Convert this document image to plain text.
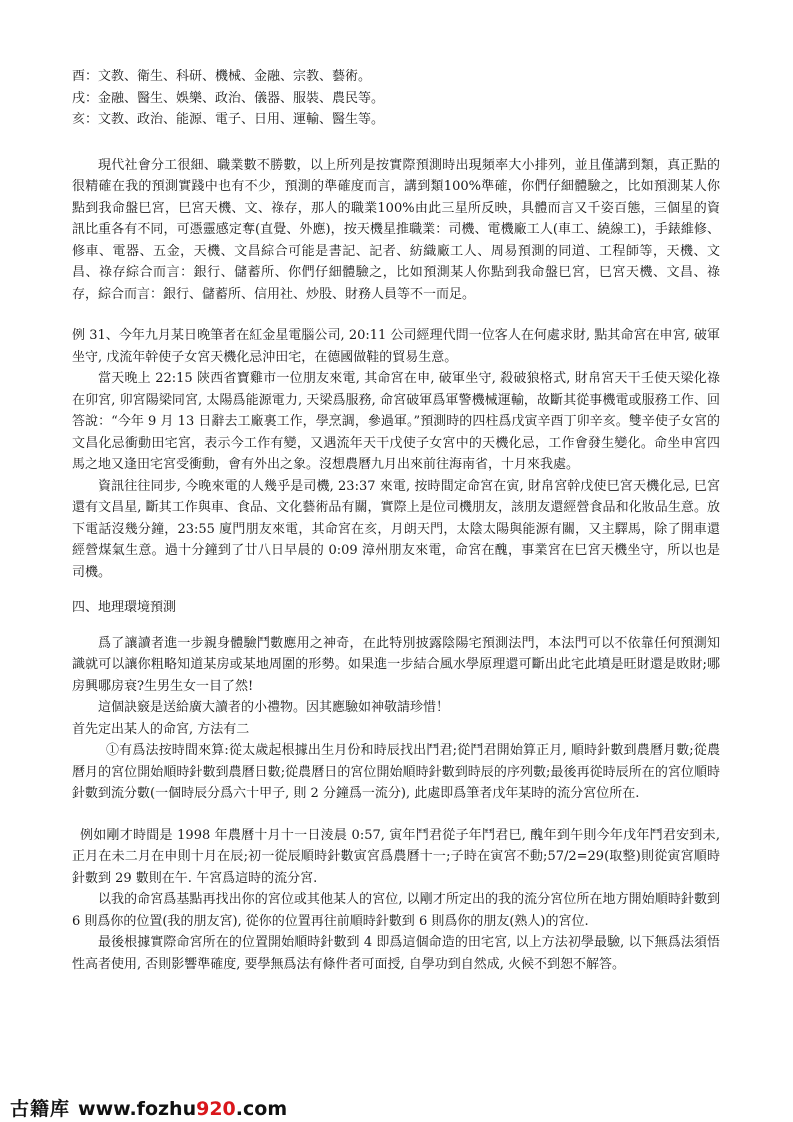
酉：文教、衛生、科研、機械、金融、宗教、藝術。

戌：金融、醫生、娛樂、政治、儀器、服裝、農民等。

亥：文教、政治、能源、電子、日用、運輸、醫生等。

現代社會分工很細、職業數不勝數，以上所列是按實際預測時出現頻率大小排列，並且僅講到類，真正點的很精確在我的預測實踐中也有不少，預測的準確度而言，講到類100%準確，你們仔細體驗之，比如預測某人你點到我命盤巳宮，巳宮天機、文、祿存，那人的職業100%由此三星所反映，具體而言又千姿百態，三個星的資訊比重各有不同，可憑靈感定奪(直覺、外應)，按天機星推職業：司機、電機廠工人(車工、繞線工)，手錶維修、修車、電器、五金，天機、文昌綜合可能是書記、記者、紡織廠工人、周易預測的同道、工程師等，天機、文昌、祿存綜合而言：銀行、儲蓄所、你們仔細體驗之，比如預測某人你點到我命盤巳宮，巳宮天機、文昌、祿存，綜合而言：銀行、儲蓄所、信用社、炒股、財務人員等不一而足。

例 31、今年九月某日晚筆者在紅金星電腦公司, 20:11 公司經理代問一位客人在何處求財, 點其命宮在申宮, 破軍坐守, 戊流年幹使子女宮天機化忌沖田宅，在德國做鞋的貿易生意。

當天晚上 22:15 陝西省寶雞市一位朋友來電, 其命宮在申, 破軍坐守, 殺破狼格式, 財帛宮天干壬使天梁化祿在卯宮, 卯宮陽梁同宮, 太陽爲能源電力, 天梁爲服務, 命宮破軍爲軍警機械運輸，故斷其從事機電或服務工作、回答說：“今年 9 月 13 日辭去工廠裏工作，學烹調，參過軍。”預測時的四柱爲戊寅辛酉丁卯辛亥。雙辛使子女宮的文昌化忌衝動田宅宮，表示今工作有變，又遇流年天干戊使子女宮中的天機化忌，工作會發生變化。命坐申宮四馬之地又逢田宅宮受衝動，會有外出之象。沒想農曆九月出來前往海南省，十月來我處。

資訊往往同步, 今晚來電的人幾乎是司機, 23:37 來電, 按時間定命宮在寅, 財帛宮幹戊使巳宮天機化忌, 巳宮還有文昌星, 斷其工作與車、食品、文化藝術品有關，實際上是位司機朋友，該朋友還經營食品和化妝品生意。放下電話沒幾分鐘，23:55 廈門朋友來電，其命宮在亥，月朗天門，太陰太陽與能源有關，又主驛馬，除了開車還經營煤氣生意。過十分鐘到了廿八日早晨的 0:09 漳州朋友來電，命宮在醜，事業宮在巳宮天機坐守，所以也是司機。

四、地理環境預測

爲了讓讀者進一步親身體驗鬥數應用之神奇，在此特別披露陰陽宅預測法門，本法門可以不依靠任何預測知識就可以讓你粗略知道某房或某地周圍的形勢。如果進一步結合風水學原理還可斷出此宅此墳是旺財還是敗財;哪房興哪房衰?生男生女一目了然!

這個訣竅是送給廣大讀者的小禮物。因其應驗如神敬請珍惜！

首先定出某人的命宮, 方法有二

①有爲法按時間來算:從太歲起根據出生月份和時辰找出鬥君;從鬥君開始算正月, 順時針數到農曆月數;從農曆月的宮位開始順時針數到農曆日數;從農曆日的宮位開始順時針數到時辰的序列數;最後再從時辰所在的宮位順時針數到流分數(一個時辰分爲六十甲子, 則 2 分鐘爲一流分), 此處即爲筆者戊年某時的流分宮位所在.

例如剛才時間是 1998 年農曆十月十一日淩晨 0:57, 寅年鬥君從子年鬥君巳, 醜年到午則今年戊年鬥君安到未, 正月在未二月在申則十月在辰;初一從辰順時針數寅宮爲農曆十一;子時在寅宮不動;57/2=29(取整)則從寅宮順時針數到 29 數則在午. 午宮爲這時的流分宮.

以我的命宮爲基點再找出你的宮位或其他某人的宮位, 以剛才所定出的我的流分宮位所在地方開始順時針數到 6 則爲你的位置(我的朋友宮), 從你的位置再往前順時針數到 6 則爲你的朋友(熟人)的宮位.

最後根據實際命宮所在的位置開始順時針數到 4 即爲這個命造的田宅宮, 以上方法初學最驗, 以下無爲法須悟性高者使用, 否則影響準確度, 要學無爲法有條件者可面授, 自學功到自然成, 火候不到恕不解答。

古籍库 www.fozhu 920 .com
